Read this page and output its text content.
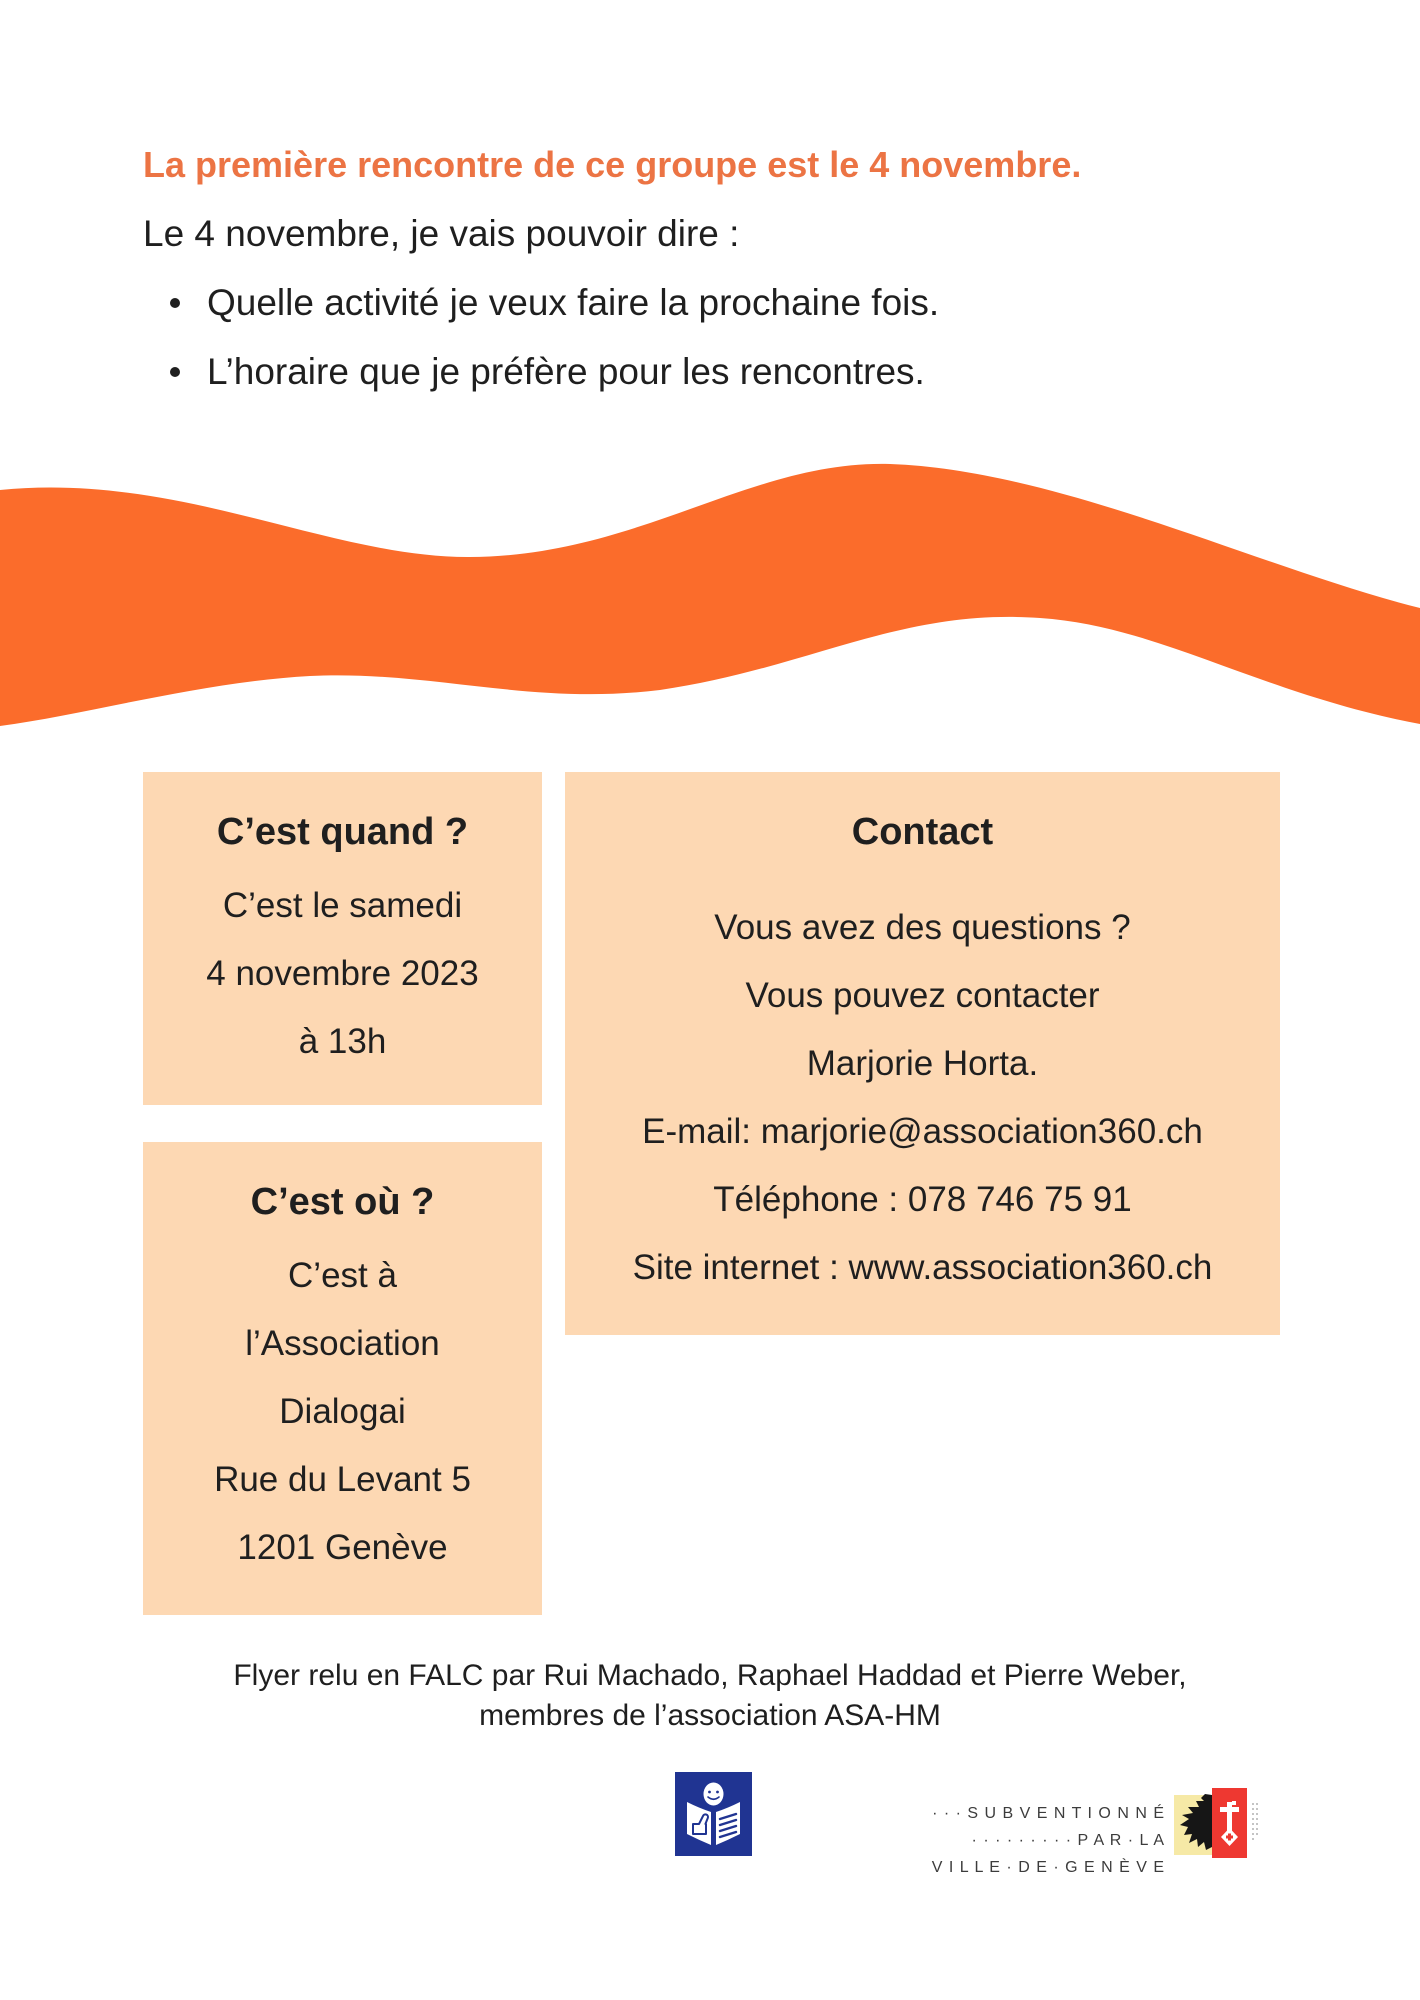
La première rencontre de ce groupe est le 4 novembre.
Le 4 novembre, je vais pouvoir dire :
Quelle activité je veux faire la prochaine fois.
L’horaire que je préfère pour les rencontres.
C’est quand ?
C’est le samedi
4 novembre 2023
à 13h
C’est où ?
C’est à
l’Association
Dialogai
Rue du Levant 5
1201 Genève
Contact
Vous avez des questions ?
Vous pouvez contacter
Marjorie Horta.
E-mail: marjorie@association360.ch
Téléphone : 078 746 75 91
Site internet : www.association360.ch
Flyer relu en FALC par Rui Machado, Raphael Haddad et Pierre Weber,
membres de l’association ASA-HM
· · · S U B V E N T I O N N É
· · · · · · · · · P A R · L A
V I L L E · D E · G E N È V E
